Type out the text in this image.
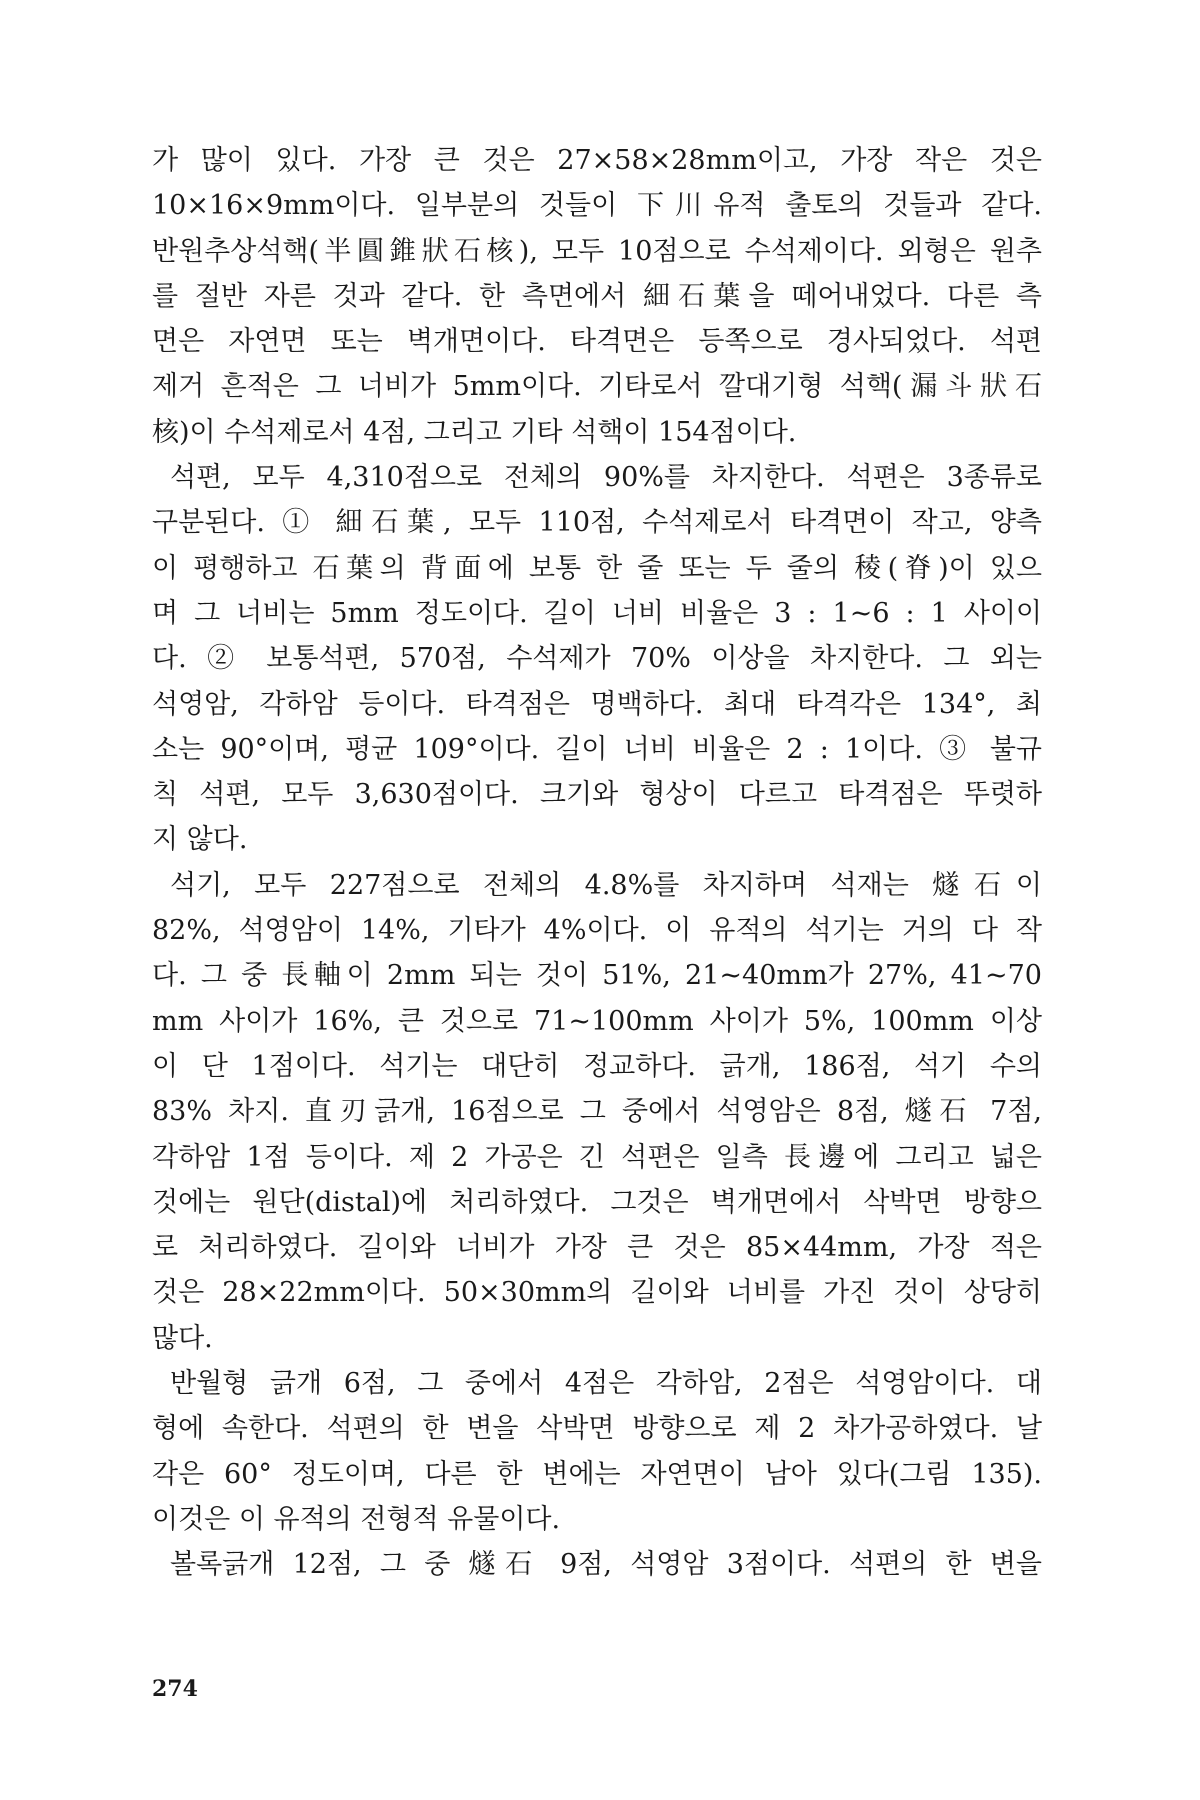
가 많이 있다. 가장 큰 것은 27×58×28mm이고, 가장 작은 것은
10×16×9mm이다. 일부분의 것들이 下川유적 출토의 것들과 같다.
반원추상석핵(半圓錐狀石核), 모두 10점으로 수석제이다. 외형은 원추
를 절반 자른 것과 같다. 한 측면에서 細石葉을 떼어내었다. 다른 측
면은 자연면 또는 벽개면이다. 타격면은 등쪽으로 경사되었다. 석편
제거 흔적은 그 너비가 5mm이다. 기타로서 깔대기형 석핵(漏斗狀石
核)이 수석제로서 4점, 그리고 기타 석핵이 154점이다.
석편, 모두 4,310점으로 전체의 90%를 차지한다. 석편은 3종류로
구분된다. ① 細石葉, 모두 110점, 수석제로서 타격면이 작고, 양측
이 평행하고 石葉의 背面에 보통 한 줄 또는 두 줄의 稜(脊)이 있으
며 그 너비는 5mm 정도이다. 길이 너비 비율은 3 : 1~6 : 1 사이이
다. ② 보통석편, 570점, 수석제가 70% 이상을 차지한다. 그 외는
석영암, 각하암 등이다. 타격점은 명백하다. 최대 타격각은 134°, 최
소는 90°이며, 평균 109°이다. 길이 너비 비율은 2 : 1이다. ③ 불규
칙 석편, 모두 3,630점이다. 크기와 형상이 다르고 타격점은 뚜렷하
지 않다.
석기, 모두 227점으로 전체의 4.8%를 차지하며 석재는 燧石이
82%, 석영암이 14%, 기타가 4%이다. 이 유적의 석기는 거의 다 작
다. 그 중 長軸이 2mm 되는 것이 51%, 21~40mm가 27%, 41~70
mm 사이가 16%, 큰 것으로 71~100mm 사이가 5%, 100mm 이상
이 단 1점이다. 석기는 대단히 정교하다. 긁개, 186점, 석기 수의
83% 차지. 直刃긁개, 16점으로 그 중에서 석영암은 8점, 燧石 7점,
각하암 1점 등이다. 제 2 가공은 긴 석편은 일측 長邊에 그리고 넓은
것에는 원단(distal)에 처리하였다. 그것은 벽개면에서 삭박면 방향으
로 처리하였다. 길이와 너비가 가장 큰 것은 85×44mm, 가장 적은
것은 28×22mm이다. 50×30mm의 길이와 너비를 가진 것이 상당히
많다.
반월형 긁개 6점, 그 중에서 4점은 각하암, 2점은 석영암이다. 대
형에 속한다. 석편의 한 변을 삭박면 방향으로 제 2 차가공하였다. 날
각은 60° 정도이며, 다른 한 변에는 자연면이 남아 있다(그림 135).
이것은 이 유적의 전형적 유물이다.
볼록긁개 12점, 그 중 燧石 9점, 석영암 3점이다. 석편의 한 변을
274
